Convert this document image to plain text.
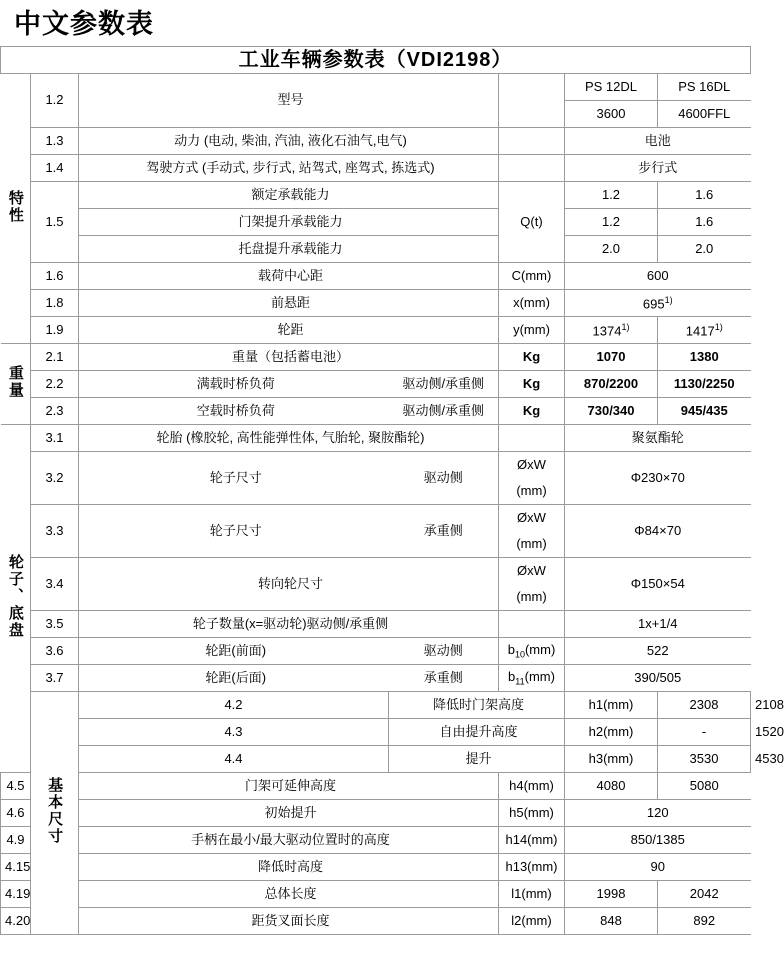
中文参数表
工业车辆参数表（VDI2198）							
特性	1.2	型号			PS 12DL	PS 16DL	
					3600	4600FFL	
	1.3	动力 (电动, 柴油, 汽油, 液化石油气,电气)			电池		
	1.4	驾驶方式 (手动式, 步行式, 站驾式, 座驾式, 拣选式)			步行式		
	1.5	额定承载能力		Q(t)	1.2	1.6	
		门架提升承载能力			1.2	1.6	
		托盘提升承载能力			2.0	2.0	
	1.6	载荷中心距		C(mm)	600		
	1.8	前悬距		x(mm)	695$^{1)}$
	1.9	轮距		y(mm)	1374$^{1)}$	1417$^{1)}$
重量	2.1	重量（包括蓄电池）		Kg	1070	1380	
	2.2	满载时桥负荷	驱动侧/承重侧	Kg	870/2200	1130/2250	
	2.3	空载时桥负荷	驱动侧/承重侧	Kg	730/340	945/435	
轮子、底盘	3.1	轮胎 (橡胶轮, 高性能弹性体, 气胎轮, 聚胺酯轮)			聚氨酯轮		
	3.2	轮子尺寸	驱动侧	ØxW	Φ230×70		
				(mm)			
	3.3	轮子尺寸	承重侧	ØxW	Φ84×70		
				(mm)			
	3.4	转向轮尺寸		ØxW	Φ150×54		
				(mm)			
	3.5	轮子数量(x=驱动轮)驱动侧/承重侧			1x+1/4		
	3.6	轮距(前面)	驱动侧	$b_{10}(mm)$	522		
	3.7	轮距(后面)	承重侧	$b_{11}(mm)$	390/505		
	基本尺寸	4.2	降低时门架高度		h1(mm)	2308	2108
		4.3	自由提升高度		h2(mm)	-	1520
		4.4	提升		h3(mm)	3530	4530
4.5		门架可延伸高度		h4(mm)	4080	5080	
4.6		初始提升		h5(mm)	120		
4.9		手柄在最小/最大驱动位置时的高度		h14(mm)	850/1385		
4.15		降低时高度		h13(mm)	90		
4.19		总体长度		l1(mm)	1998	2042	
4.20		距货叉面长度		l2(mm)	848	892	
